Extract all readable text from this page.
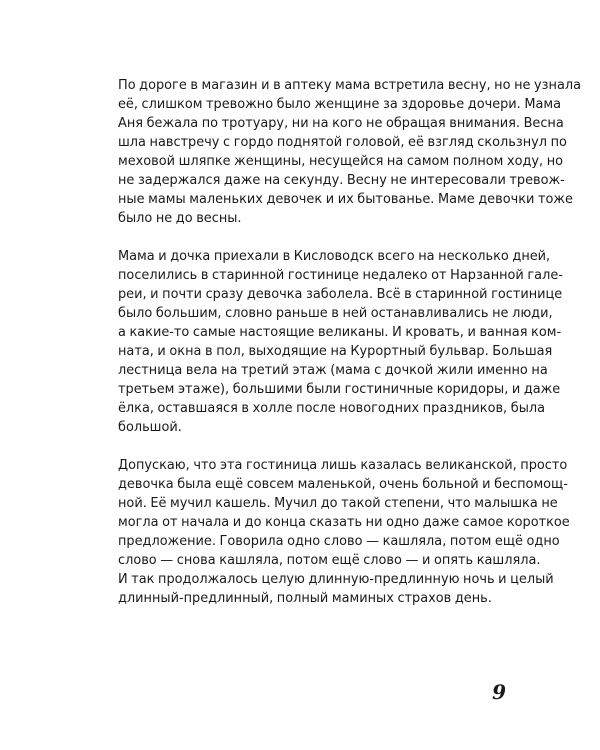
По дороге в магазин и в аптеку мама встретила весну, но не узнала
её, слишком тревожно было женщине за здоровье дочери. Мама
Аня бежала по тротуару, ни на кого не обращая внимания. Весна
шла навстречу с гордо поднятой головой, её взгляд скользнул по
меховой шляпке женщины, несущейся на самом полном ходу, но
не задержался даже на секунду. Весну не интересовали тревож-
ные мамы маленьких девочек и их бытованье. Маме девочки тоже
было не до весны.

Мама и дочка приехали в Кисловодск всего на несколько дней,
поселились в старинной гостинице недалеко от Нарзанной гале-
реи, и почти сразу девочка заболела. Всё в старинной гостинице
было большим, словно раньше в ней останавливались не люди,
а какие-то самые настоящие великаны. И кровать, и ванная ком-
ната, и окна в пол, выходящие на Курортный бульвар. Большая
лестница вела на третий этаж (мама с дочкой жили именно на
третьем этаже), большими были гостиничные коридоры, и даже
ёлка, оставшаяся в холле после новогодних праздников, была
большой.

Допускаю, что эта гостиница лишь казалась великанской, просто
девочка была ещё совсем маленькой, очень больной и беспомощ-
ной. Её мучил кашель. Мучил до такой степени, что малышка не
могла от начала и до конца сказать ни одно даже самое короткое
предложение. Говорила одно слово — кашляла, потом ещё одно
слово — снова кашляла, потом ещё слово — и опять кашляла.
И так продолжалось целую длинную-предлинную ночь и целый
длинный-предлинный, полный маминых страхов день.

9
